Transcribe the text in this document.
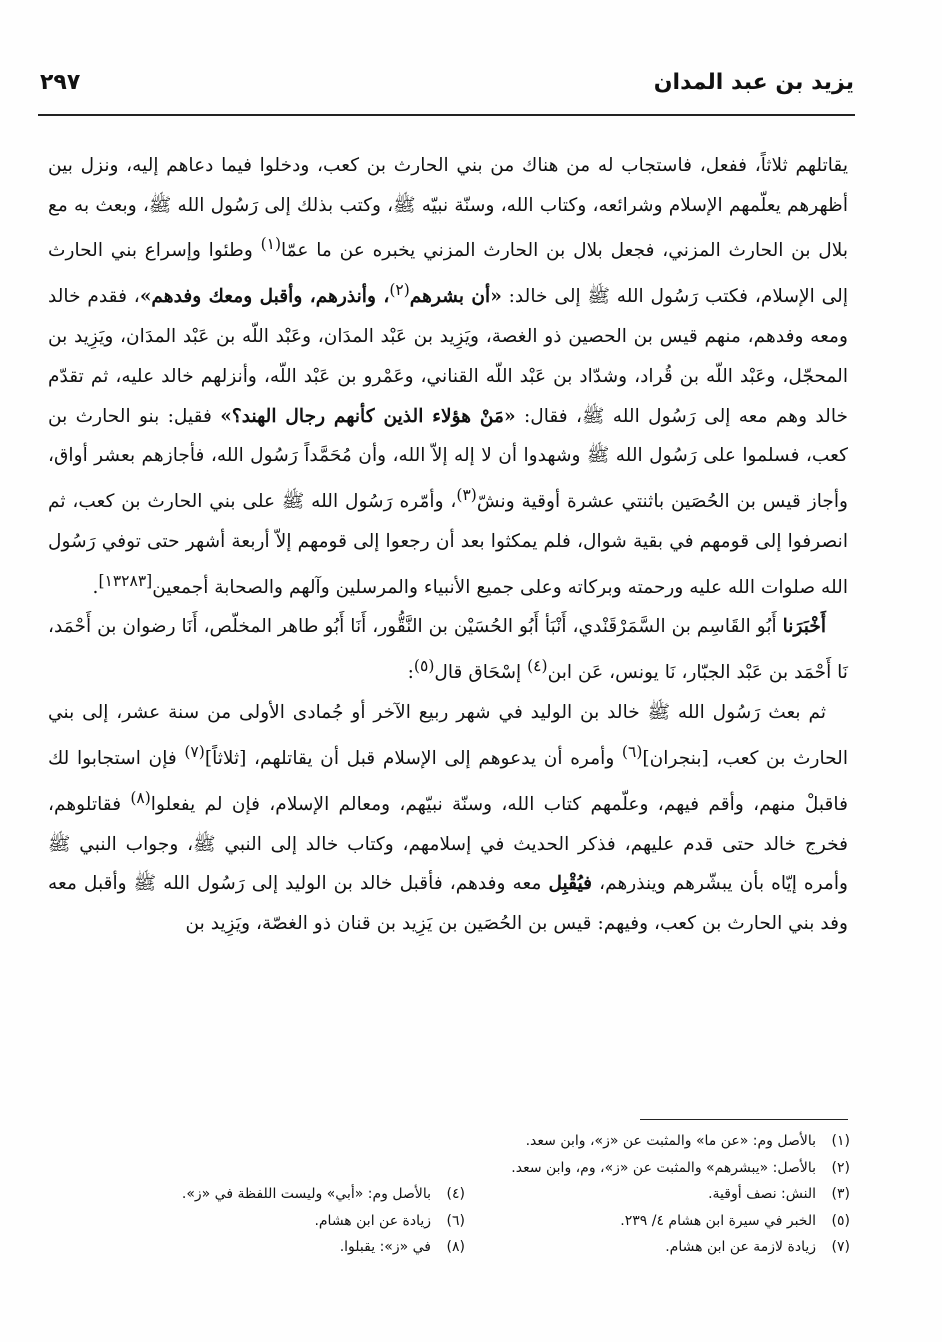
يزيد بن عبد المدان
٢٩٧

يقاتلهم ثلاثاً، ففعل، فاستجاب له من هناك من بني الحارث بن كعب، ودخلوا فيما دعاهم إليه، ونزل بين أظهرهم يعلّمهم الإسلام وشرائعه، وكتاب الله، وسنّة نبيّه ﷺ، وكتب بذلك إلى رَسُول الله ﷺ، وبعث به مع بلال بن الحارث المزني، فجعل بلال بن الحارث المزني يخبره عن ما عمّا$^{(١)}$ وطئوا وإسراع بني الحارث إلى الإسلام، فكتب رَسُول الله ﷺ إلى خالد: «أن بشرهم$^{(٢)}$، وأنذرهم، وأقبل ومعك وفدهم»، فقدم خالد ومعه وفدهم، منهم قيس بن الحصين ذو الغصة، ويَزِيد بن عَبْد المدَان، وعَبْد اللّه بن عَبْد المدَان، ويَزِيد بن المحجّل، وعَبْد اللّه بن قُراد، وشدّاد بن عَبْد اللّه القناني، وعَمْرو بن عَبْد اللّه، وأنزلهم خالد عليه، ثم تقدّم خالد وهم معه إلى رَسُول الله ﷺ، فقال: «مَنْ هؤلاء الذين كأنهم رجال الهند؟» فقيل: بنو الحارث بن كعب، فسلموا على رَسُول الله ﷺ وشهدوا أن لا إله إلاّ الله، وأن مُحَمَّداً رَسُول الله، فأجازهم بعشر أواق، وأجاز قيس بن الحُصَين باثنتي عشرة أوقية ونشّ$^{(٣)}$، وأمّره رَسُول الله ﷺ على بني الحارث بن كعب، ثم انصرفوا إلى قومهم في بقية شوال، فلم يمكثوا بعد أن رجعوا إلى قومهم إلاّ أربعة أشهر حتى توفي رَسُول الله صلوات الله عليه ورحمته وبركاته وعلى جميع الأنبياء والمرسلين وآلهم والصحابة أجمعين[١٣٢٨٣].

أَخْبَرَنا أَبُو القَاسِم بن السَّمَرْقَنْدي، أَنْبَأ أَبُو الحُسَيْن بن النَّقُّور، أَنَا أَبُو طاهر المخلّص، أَنَا رضوان بن أَحْمَد، نَا أَحْمَد بن عَبْد الجبّار، نَا يونس، عَن ابن$^{(٤)}$ إسْحَاق قال$^{(٥)}$:

ثم بعث رَسُول الله ﷺ خالد بن الوليد في شهر ربيع الآخر أو جُمادى الأولى من سنة عشر، إلى بني الحارث بن كعب، [بنجران]$^{(٦)}$ وأمره أن يدعوهم إلى الإسلام قبل أن يقاتلهم، [ثلاثاً]$^{(٧)}$ فإن استجابوا لك فاقبلْ منهم، وأقم فيهم، وعلّمهم كتاب الله، وسنّة نبيّهم، ومعالم الإسلام، فإن لم يفعلوا$^{(٨)}$ فقاتلوهم، فخرج خالد حتى قدم عليهم، فذكر الحديث في إسلامهم، وكتاب خالد إلى النبي ﷺ، وجواب النبي ﷺ وأمره إيّاه بأن يبشّرهم وينذرهم، فيُقْبِل معه وفدهم، فأقبل خالد بن الوليد إلى رَسُول الله ﷺ وأقبل معه وفد بني الحارث بن كعب، وفيهم: قيس بن الحُصَين بن يَزِيد بن قنان ذو الغصّة، ويَزِيد بن

(١)بالأصل وم: «عن ما» والمثبت عن «ز»، وابن سعد.
(٢)بالأصل: «يبشرهم» والمثبت عن «ز»، وم، وابن سعد.
(٣)النش: نصف أوقية.
(٤)بالأصل وم: «أبي» وليست اللفظة في «ز».
(٥)الخبر في سيرة ابن هشام ٤/ ٢٣٩.
(٦)زيادة عن ابن هشام.
(٧)زيادة لازمة عن ابن هشام.
(٨)في «ز»: يقبلوا.
